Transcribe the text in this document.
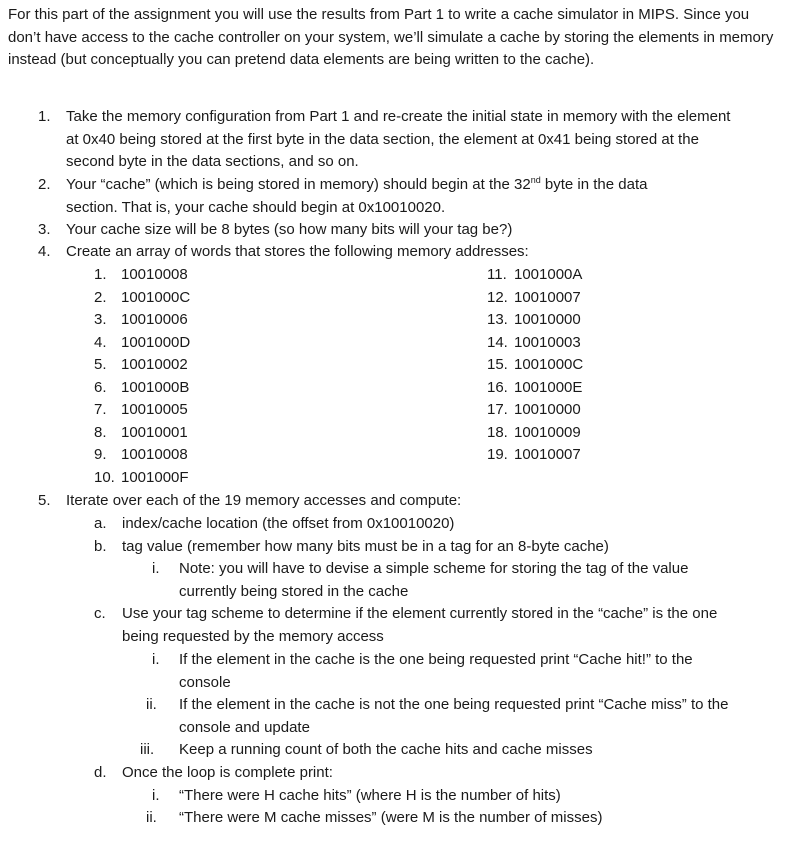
For this part of the assignment you will use the results from Part 1 to write a cache simulator in MIPS. Since you don’t have access to the cache controller on your system, we’ll simulate a cache by storing the elements in memory instead (but conceptually you can pretend data elements are being written to the cache).

1. Take the memory configuration from Part 1 and re-create the initial state in memory with the element at 0x40 being stored at the first byte in the data section, the element at 0x41 being stored at the second byte in the data sections, and so on.
2. Your “cache” (which is being stored in memory) should begin at the 32nd byte in the data section. That is, your cache should begin at 0x10010020.
3. Your cache size will be 8 bytes (so how many bits will your tag be?)
4. Create an array of words that stores the following memory addresses:
1. 10010008
2. 1001000C
3. 10010006
4. 1001000D
5. 10010002
6. 1001000B
7. 10010005
8. 10010001
9. 10010008
10. 1001000F
11. 1001000A
12. 10010007
13. 10010000
14. 10010003
15. 1001000C
16. 1001000E
17. 10010000
18. 10010009
19. 10010007
5. Iterate over each of the 19 memory accesses and compute:
a. index/cache location (the offset from 0x10010020)
b. tag value (remember how many bits must be in a tag for an 8-byte cache)
i. Note: you will have to devise a simple scheme for storing the tag of the value currently being stored in the cache
c. Use your tag scheme to determine if the element currently stored in the “cache” is the one being requested by the memory access
i. If the element in the cache is the one being requested print “Cache hit!” to the console
ii. If the element in the cache is not the one being requested print “Cache miss” to the console and update
iii. Keep a running count of both the cache hits and cache misses
d. Once the loop is complete print:
i. “There were H cache hits” (where H is the number of hits)
ii. “There were M cache misses” (were M is the number of misses)
